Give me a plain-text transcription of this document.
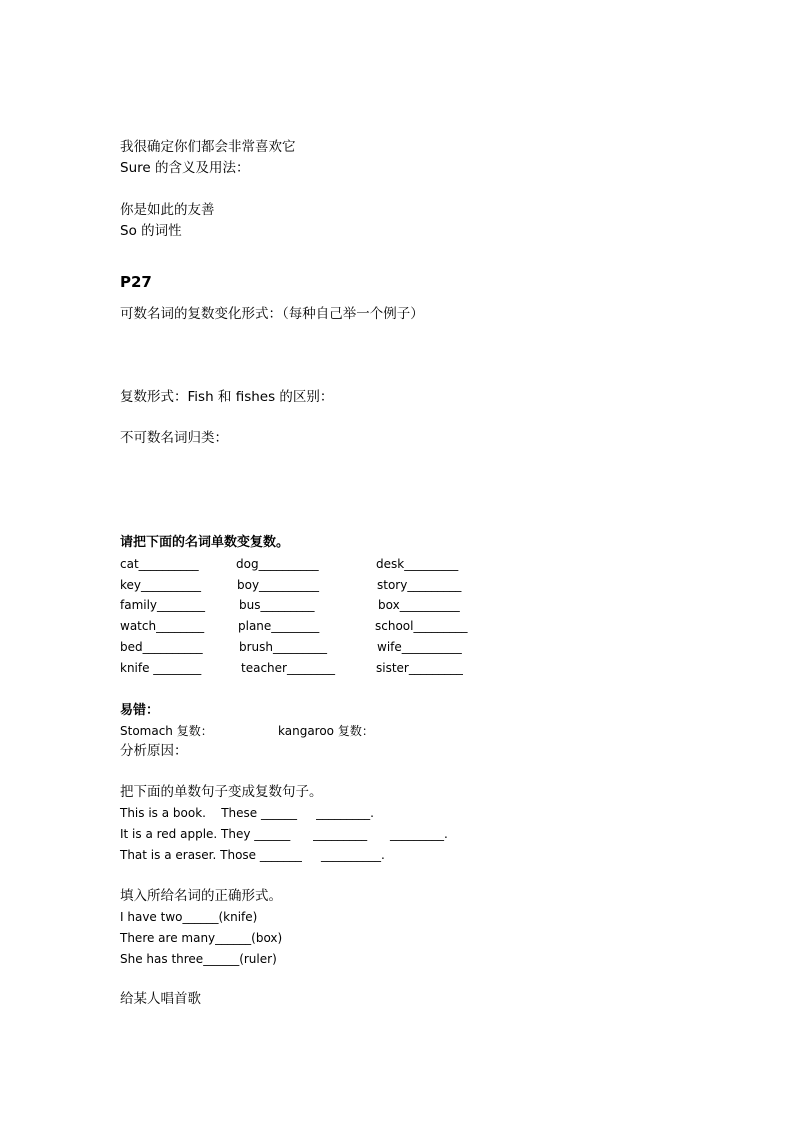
我很确定你们都会非常喜欢它
Sure 的含义及用法：
你是如此的友善
So 的词性
P27
可数名词的复数变化形式：（每种自己举一个例子）
复数形式：Fish 和 fishes 的区别：
不可数名词归类：
请把下面的名词单数变复数。
cat__________	dog__________	desk_________
key__________	boy__________	story_________
family________	bus_________	box__________
watch________	plane________	school_________
bed__________	brush_________	wife__________
knife ________	teacher________	sister_________
易错：
Stomach 复数：	kangaroo 复数：
分析原因：
把下面的单数句子变成复数句子。
This is a book.    These ______     _________.
It is a red apple. They ______      _________      _________.
That is a eraser. Those _______     __________.
填入所给名词的正确形式。
I have two______(knife)
There are many______(box)
She has three______(ruler)
给某人唱首歌
